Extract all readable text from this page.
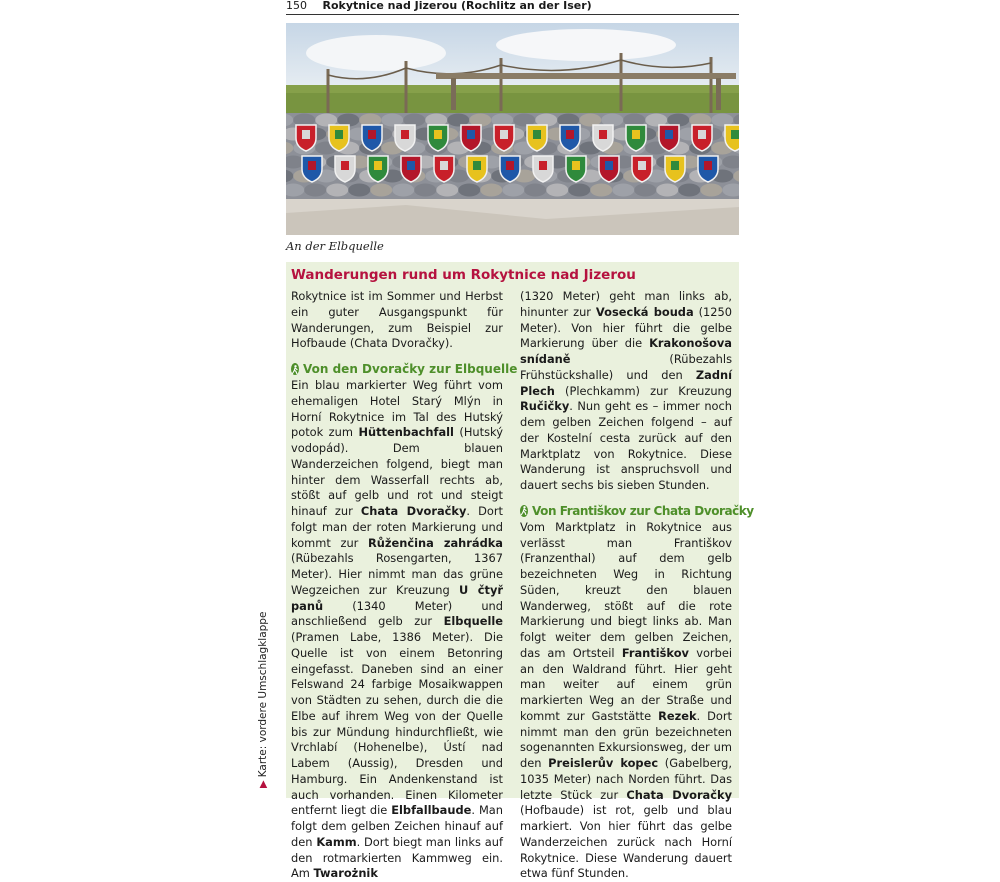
150 Rokytnice nad Jizerou (Rochlitz an der Iser)
An der Elbquelle
Wanderungen rund um Rokytnice nad Jizerou

Rokytnice ist im Sommer und Herbst ein guter Ausgangspunkt für Wanderungen, zum Beispiel zur Hofbaude (Chata Dvoračky).

Von den Dvoračky zur Elbquelle

Ein blau markierter Weg führt vom ehemaligen Hotel Starý Mlýn in Horní Rokytnice im Tal des Hutský potok zum Hüttenbachfall (Hutský vodopád). Dem blauen Wanderzeichen folgend, biegt man hinter dem Wasserfall rechts ab, stößt auf gelb und rot und steigt hinauf zur Chata Dvoračky. Dort folgt man der roten Markierung und kommt zur Růženčina zahrádka (Rübezahls Rosengarten, 1367 Meter). Hier nimmt man das grüne Wegzeichen zur Kreuzung U čtyř panů (1340 Meter) und anschließend gelb zur Elbquelle (Pramen Labe, 1386 Meter). Die Quelle ist von einem Betonring eingefasst. Daneben sind an einer Felswand 24 farbige Mosaikwappen von Städten zu sehen, durch die die Elbe auf ihrem Weg von der Quelle bis zur Mündung hindurchfließt, wie Vrchlabí (Hohenelbe), Ústí nad Labem (Aussig), Dresden und Hamburg. Ein Andenkenstand ist auch vorhanden. Einen Kilometer entfernt liegt die Elbfallbaude. Man folgt dem gelben Zeichen hinauf auf den Kamm. Dort biegt man links auf den rotmarkierten Kammweg ein. Am Twarożnik

(1320 Meter) geht man links ab, hinunter zur Vosecká bouda (1250 Meter). Von hier führt die gelbe Markierung über die Krakonošova snídaně (Rübezahls Frühstückshalle) und den Zadní Plech (Plechkamm) zur Kreuzung Ručičky. Nun geht es – immer noch dem gelben Zeichen folgend – auf der Kostelní cesta zurück auf den Marktplatz von Rokytnice. Diese Wanderung ist anspruchsvoll und dauert sechs bis sieben Stunden.

Von Františkov zur Chata Dvoračky

Vom Marktplatz in Rokytnice aus verlässt man Františkov (Franzenthal) auf dem gelb bezeichneten Weg in Richtung Süden, kreuzt den blauen Wanderweg, stößt auf die rote Markierung und biegt links ab. Man folgt weiter dem gelben Zeichen, das am Ortsteil Františkov vorbei an den Waldrand führt. Hier geht man weiter auf einem grün markierten Weg an der Straße und kommt zur Gaststätte Rezek. Dort nimmt man den grün bezeichneten sogenannten Exkursionsweg, der um den Preislerův kopec (Gabelberg, 1035 Meter) nach Norden führt. Das letzte Stück zur Chata Dvoračky (Hofbaude) ist rot, gelb und blau markiert. Von hier führt das gelbe Wanderzeichen zurück nach Horní Rokytnice. Diese Wanderung dauert etwa fünf Stunden.

▶Karte: vordere Umschlagklappe
